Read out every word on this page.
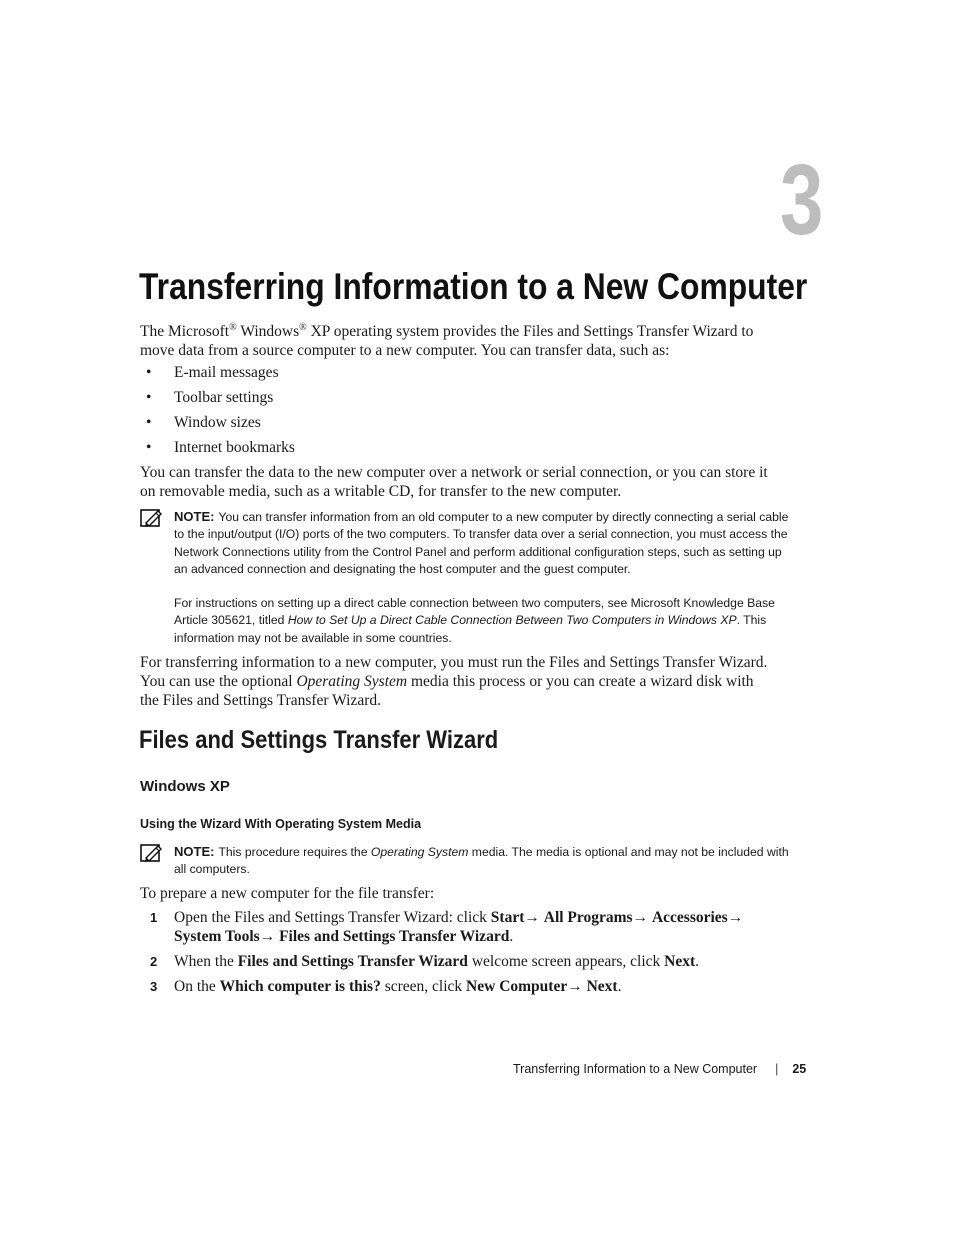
3
Transferring Information to a New Computer

The Microsoft® Windows® XP operating system provides the Files and Settings Transfer Wizard to move data from a source computer to a new computer. You can transfer data, such as:

• E-mail messages
• Toolbar settings
• Window sizes
• Internet bookmarks

You can transfer the data to the new computer over a network or serial connection, or you can store it on removable media, such as a writable CD, for transfer to the new computer.

NOTE: You can transfer information from an old computer to a new computer by directly connecting a serial cable to the input/output (I/O) ports of the two computers. To transfer data over a serial connection, you must access the Network Connections utility from the Control Panel and perform additional configuration steps, such as setting up an advanced connection and designating the host computer and the guest computer.
For instructions on setting up a direct cable connection between two computers, see Microsoft Knowledge Base Article 305621, titled How to Set Up a Direct Cable Connection Between Two Computers in Windows XP. This information may not be available in some countries.

For transferring information to a new computer, you must run the Files and Settings Transfer Wizard. You can use the optional Operating System media this process or you can create a wizard disk with the Files and Settings Transfer Wizard.

Files and Settings Transfer Wizard
Windows XP
Using the Wizard With Operating System Media
NOTE: This procedure requires the Operating System media. The media is optional and may not be included with all computers.

To prepare a new computer for the file transfer:

1 Open the Files and Settings Transfer Wizard: click Start→ All Programs→ Accessories→ System Tools→ Files and Settings Transfer Wizard.
2 When the Files and Settings Transfer Wizard welcome screen appears, click Next.
3 On the Which computer is this? screen, click New Computer→ Next.
Transferring Information to a New Computer | 25
